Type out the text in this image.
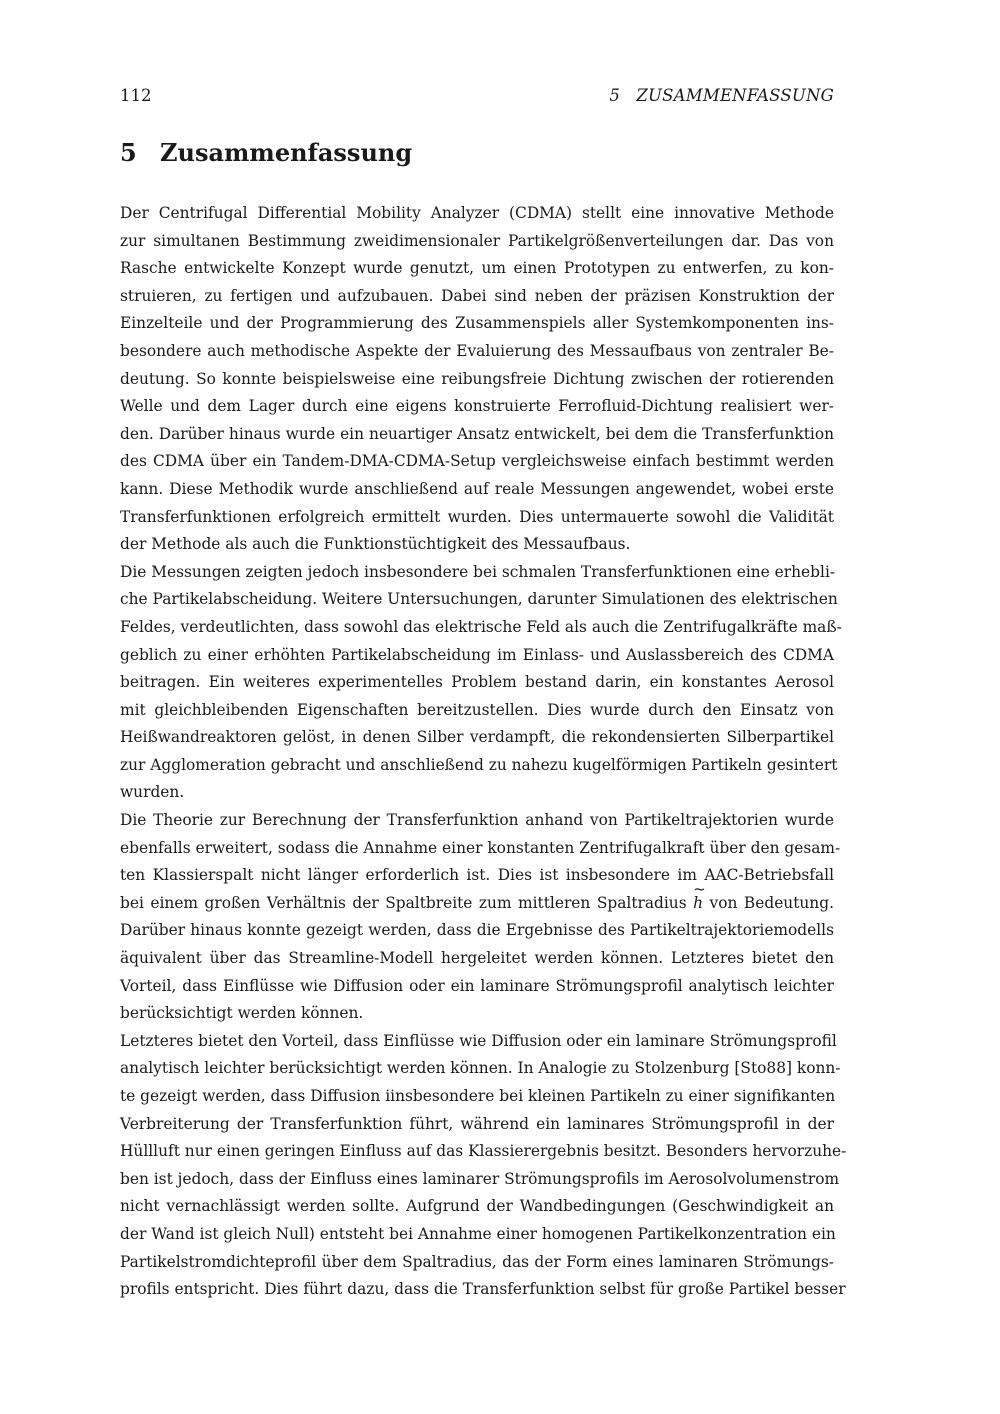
112	5   ZUSAMMENFASSUNG
5 Zusammenfassung
Der Centrifugal Differential Mobility Analyzer (CDMA) stellt eine innovative Methode
zur simultanen Bestimmung zweidimensionaler Partikelgrößenverteilungen dar. Das von
Rasche entwickelte Konzept wurde genutzt, um einen Prototypen zu entwerfen, zu kon-
struieren, zu fertigen und aufzubauen. Dabei sind neben der präzisen Konstruktion der
Einzelteile und der Programmierung des Zusammenspiels aller Systemkomponenten ins-
besondere auch methodische Aspekte der Evaluierung des Messaufbaus von zentraler Be-
deutung. So konnte beispielsweise eine reibungsfreie Dichtung zwischen der rotierenden
Welle und dem Lager durch eine eigens konstruierte Ferrofluid-Dichtung realisiert wer-
den. Darüber hinaus wurde ein neuartiger Ansatz entwickelt, bei dem die Transferfunktion
des CDMA über ein Tandem-DMA-CDMA-Setup vergleichsweise einfach bestimmt werden
kann. Diese Methodik wurde anschließend auf reale Messungen angewendet, wobei erste
Transferfunktionen erfolgreich ermittelt wurden. Dies untermauerte sowohl die Validität
der Methode als auch die Funktionstüchtigkeit des Messaufbaus.
Die Messungen zeigten jedoch insbesondere bei schmalen Transferfunktionen eine erhebli-
che Partikelabscheidung. Weitere Untersuchungen, darunter Simulationen des elektrischen
Feldes, verdeutlichten, dass sowohl das elektrische Feld als auch die Zentrifugalkräfte maß-
geblich zu einer erhöhten Partikelabscheidung im Einlass- und Auslassbereich des CDMA
beitragen. Ein weiteres experimentelles Problem bestand darin, ein konstantes Aerosol
mit gleichbleibenden Eigenschaften bereitzustellen. Dies wurde durch den Einsatz von
Heißwandreaktoren gelöst, in denen Silber verdampft, die rekondensierten Silberpartikel
zur Agglomeration gebracht und anschließend zu nahezu kugelförmigen Partikeln gesintert
wurden.
Die Theorie zur Berechnung der Transferfunktion anhand von Partikeltrajektorien wurde
ebenfalls erweitert, sodass die Annahme einer konstanten Zentrifugalkraft über den gesam-
ten Klassierspalt nicht länger erforderlich ist. Dies ist insbesondere im AAC-Betriebsfall
bei einem großen Verhältnis der Spaltbreite zum mittleren Spaltradius
~
h von Bedeutung.
Darüber hinaus konnte gezeigt werden, dass die Ergebnisse des Partikeltrajektoriemodells
äquivalent über das Streamline-Modell hergeleitet werden können. Letzteres bietet den
Vorteil, dass Einflüsse wie Diffusion oder ein laminare Strömungsprofil analytisch leichter
berücksichtigt werden können.
Letzteres bietet den Vorteil, dass Einflüsse wie Diffusion oder ein laminare Strömungsprofil
analytisch leichter berücksichtigt werden können. In Analogie zu Stolzenburg [Sto88] konn-
te gezeigt werden, dass Diffusion iinsbesondere bei kleinen Partikeln zu einer signifikanten
Verbreiterung der Transferfunktion führt, während ein laminares Strömungsprofil in der
Hüllluft nur einen geringen Einfluss auf das Klassierergebnis besitzt. Besonders hervorzuhe-
ben ist jedoch, dass der Einfluss eines laminarer Strömungsprofils im Aerosolvolumenstrom
nicht vernachlässigt werden sollte. Aufgrund der Wandbedingungen (Geschwindigkeit an
der Wand ist gleich Null) entsteht bei Annahme einer homogenen Partikelkonzentration ein
Partikelstromdichteprofil über dem Spaltradius, das der Form eines laminaren Strömungs-
profils entspricht. Dies führt dazu, dass die Transferfunktion selbst für große Partikel besser
